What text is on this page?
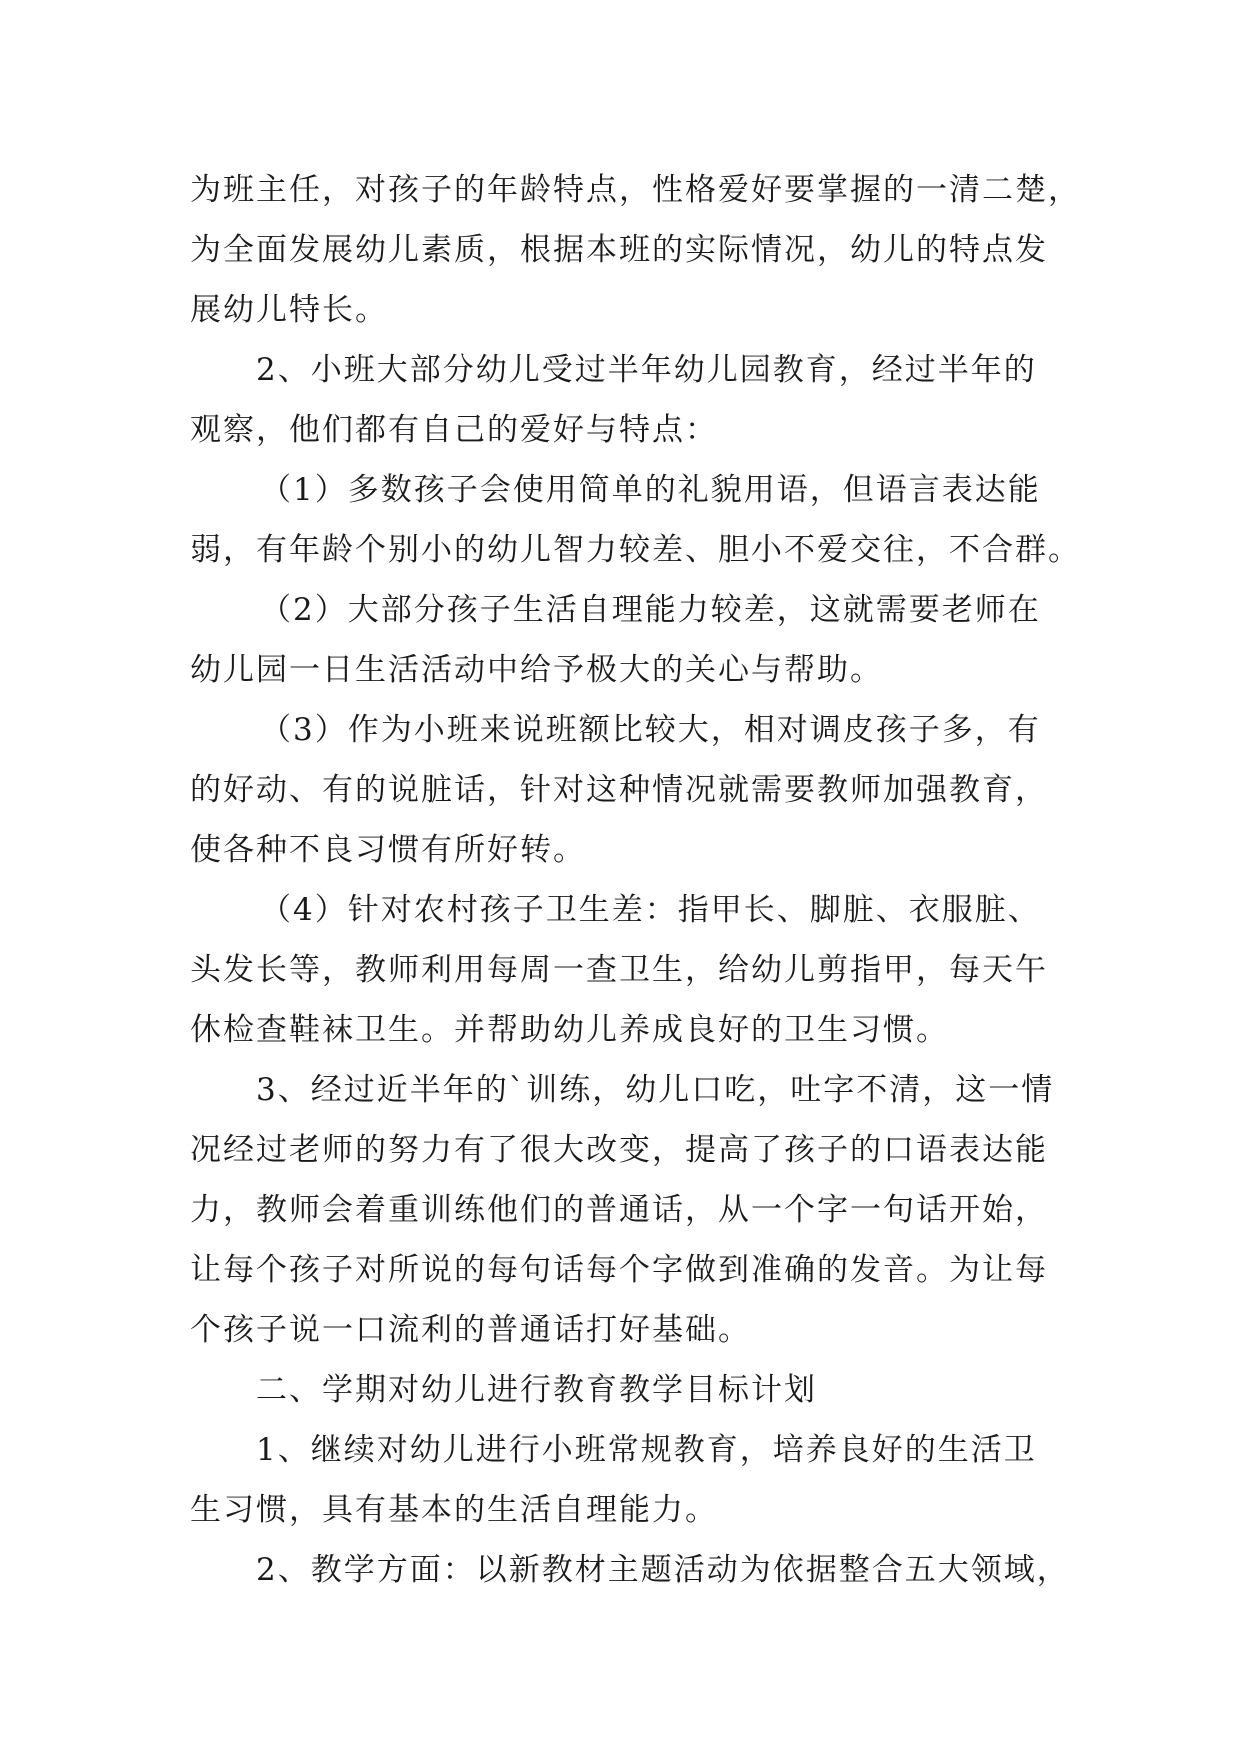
为班主任，对孩子的年龄特点，性格爱好要掌握的一清二楚，
为全面发展幼儿素质，根据本班的实际情况，幼儿的特点发
展幼儿特长。
2、小班大部分幼儿受过半年幼儿园教育，经过半年的
观察，他们都有自己的爱好与特点：
（1）多数孩子会使用简单的礼貌用语，但语言表达能
弱，有年龄个别小的幼儿智力较差、胆小不爱交往，不合群。
（2）大部分孩子生活自理能力较差，这就需要老师在
幼儿园一日生活活动中给予极大的关心与帮助。
（3）作为小班来说班额比较大，相对调皮孩子多，有
的好动、有的说脏话，针对这种情况就需要教师加强教育，
使各种不良习惯有所好转。
（4）针对农村孩子卫生差：指甲长、脚脏、衣服脏、
头发长等，教师利用每周一查卫生，给幼儿剪指甲，每天午
休检查鞋袜卫生。并帮助幼儿养成良好的卫生习惯。
3、经过近半年的`训练，幼儿口吃，吐字不清，这一情
况经过老师的努力有了很大改变，提高了孩子的口语表达能
力，教师会着重训练他们的普通话，从一个字一句话开始，
让每个孩子对所说的每句话每个字做到准确的发音。为让每
个孩子说一口流利的普通话打好基础。
二、学期对幼儿进行教育教学目标计划
1、继续对幼儿进行小班常规教育，培养良好的生活卫
生习惯，具有基本的生活自理能力。
2、教学方面：以新教材主题活动为依据整合五大领域，
